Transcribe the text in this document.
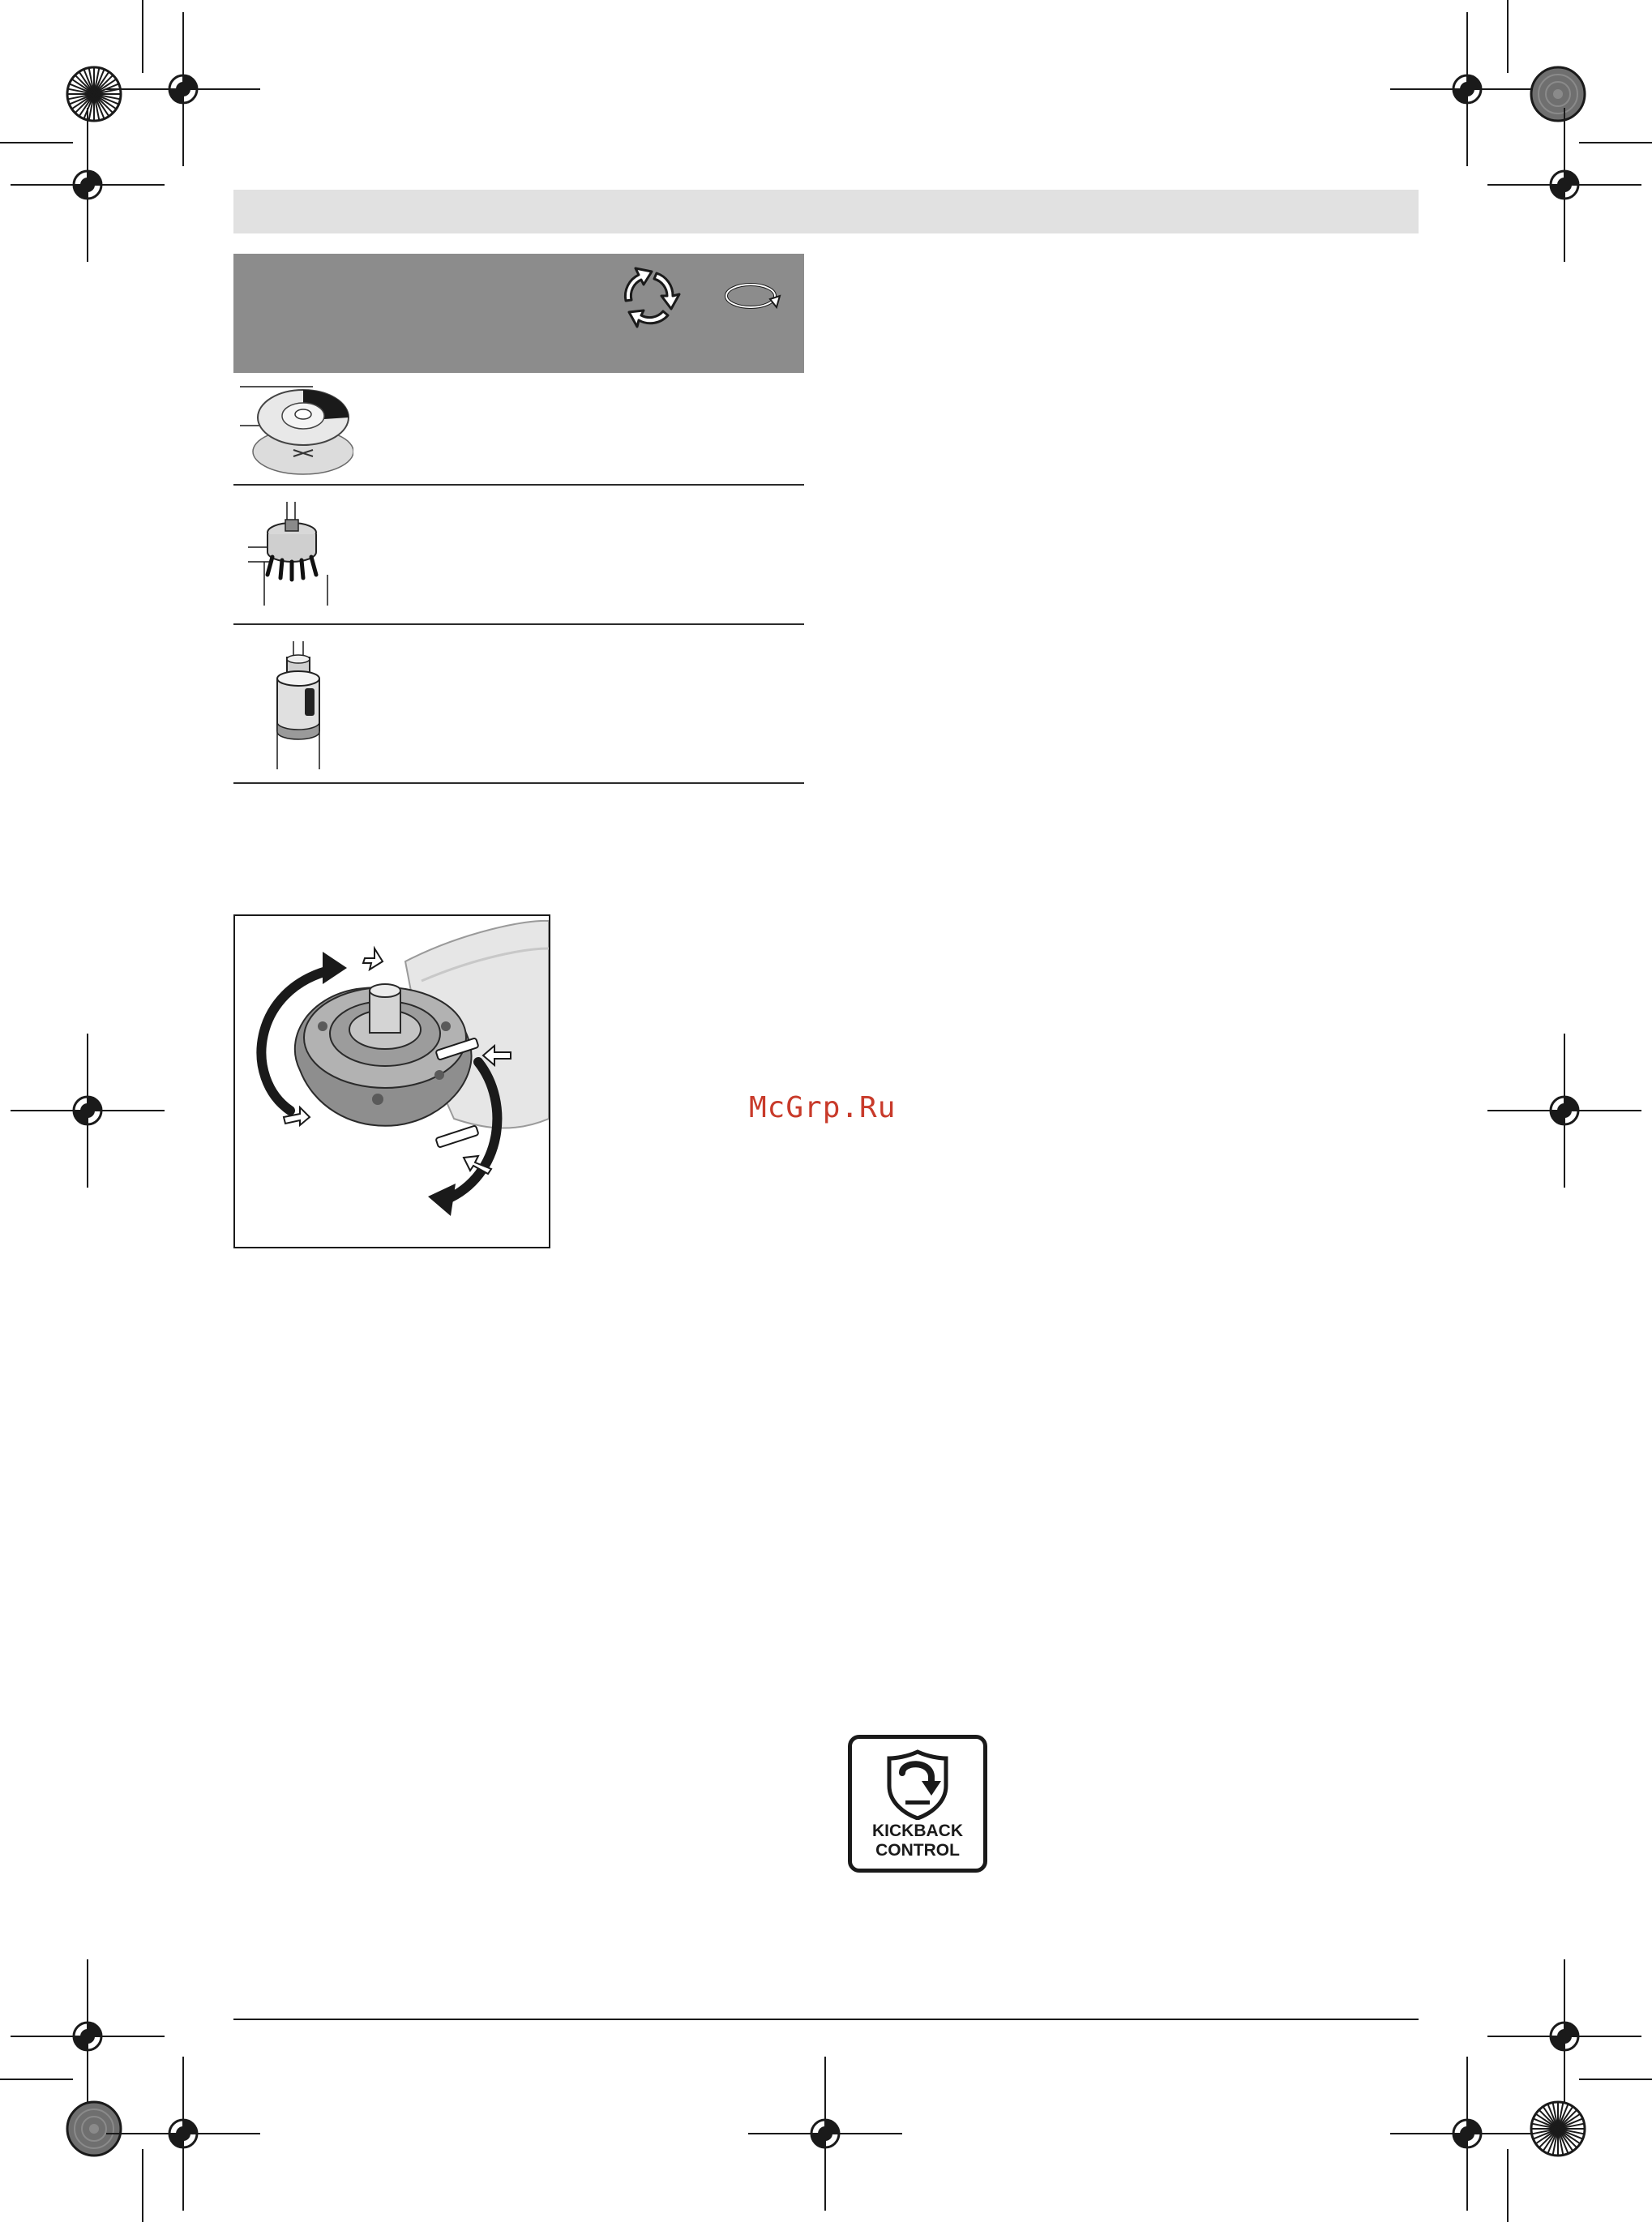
McGrp.Ru
KICKBACK
CONTROL
